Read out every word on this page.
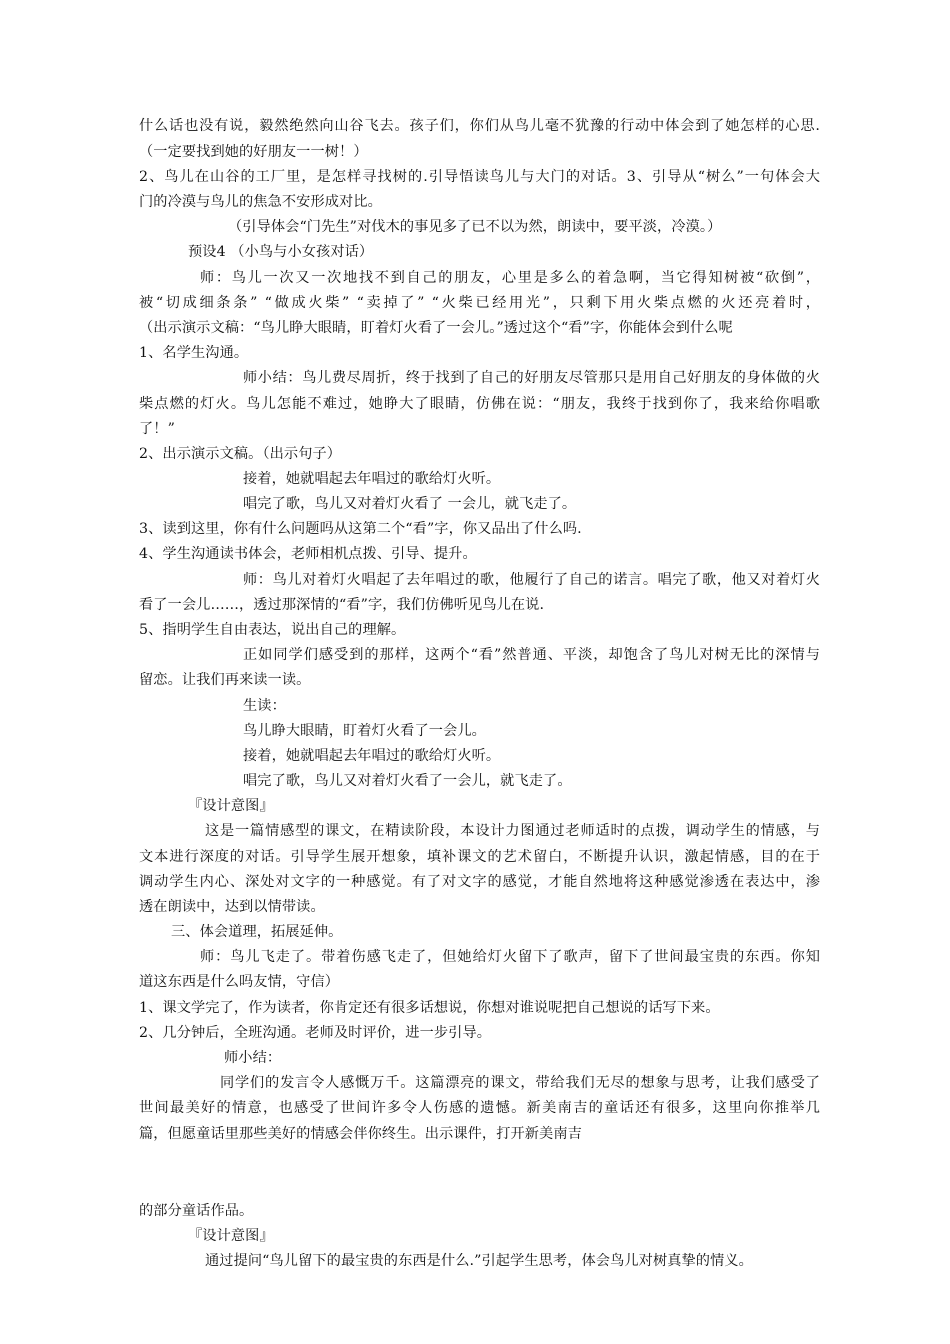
什么话也没有说，毅然绝然向山谷飞去。孩子们，你们从鸟儿毫不犹豫的行动中体会到了她怎样的心思.
（一定要找到她的好朋友一一树！）
2、鸟儿在山谷的工厂里，是怎样寻找树的.引导悟读鸟儿与大门的对话。3、引导从“树么”一句体会大
门的冷漠与鸟儿的焦急不安形成对比。
（引导体会“门先生”对伐木的事见多了已不以为然，朗读中，要平淡，冷漠。）
预设4 （小鸟与小女孩对话）
师：鸟儿一次又一次地找不到自己的朋友，心里是多么的着急啊，当它得知树被“砍倒”，
被“切成细条条” “做成火柴” “卖掉了” “火柴已经用光”，只剩下用火柴点燃的火还亮着时，
（出示演示文稿：“鸟儿睁大眼睛，盯着灯火看了一会儿。”透过这个“看”字，你能体会到什么呢
1、名学生沟通。
师小结：鸟儿费尽周折，终于找到了自己的好朋友尽管那只是用自己好朋友的身体做的火
柴点燃的灯火。鸟儿怎能不难过，她睁大了眼睛，仿佛在说：“朋友，我终于找到你了，我来给你唱歌
了！”
2、出示演示文稿。（出示句子）
接着，她就唱起去年唱过的歌给灯火听。
唱完了歌，鸟儿又对着灯火看了 一会儿，就飞走了。
3、读到这里，你有什么问题吗从这第二个“看”字，你又品出了什么吗.
4、学生沟通读书体会，老师相机点拨、引导、提升。
师：鸟儿对着灯火唱起了去年唱过的歌，他履行了自己的诺言。唱完了歌，他又对着灯火
看了一会儿……，透过那深情的“看”字，我们仿佛听见鸟儿在说.
5、指明学生自由表达，说出自己的理解。
正如同学们感受到的那样，这两个“看”然普通、平淡，却饱含了鸟儿对树无比的深情与
留恋。让我们再来读一读。
生读：
鸟儿睁大眼睛，盯着灯火看了一会儿。
接着，她就唱起去年唱过的歌给灯火听。
唱完了歌，鸟儿又对着灯火看了一会儿，就飞走了。
『设计意图』
这是一篇情感型的课文，在精读阶段，本设计力图通过老师适时的点拨，调动学生的情感，与
文本进行深度的对话。引导学生展开想象，填补课文的艺术留白，不断提升认识，激起情感，目的在于
调动学生内心、深处对文字的一种感觉。有了对文字的感觉，才能自然地将这种感觉渗透在表达中，渗
透在朗读中，达到以情带读。
三、体会道理，拓展延伸。
师：鸟儿飞走了。带着伤感飞走了，但她给灯火留下了歌声，留下了世间最宝贵的东西。你知
道这东西是什么吗友情，守信）
1、课文学完了，作为读者，你肯定还有很多话想说，你想对谁说呢把自己想说的话写下来。
2、几分钟后，全班沟通。老师及时评价，进一步引导。
师小结：
同学们的发言令人感慨万千。这篇漂亮的课文，带给我们无尽的想象与思考，让我们感受了
世间最美好的情意，也感受了世间许多令人伤感的遗憾。新美南吉的童话还有很多，这里向你推举几
篇，但愿童话里那些美好的情感会伴你终生。出示课件，打开新美南吉
的部分童话作品。
『设计意图』
通过提问“鸟儿留下的最宝贵的东西是什么.”引起学生思考，体会鸟儿对树真挚的情义。
